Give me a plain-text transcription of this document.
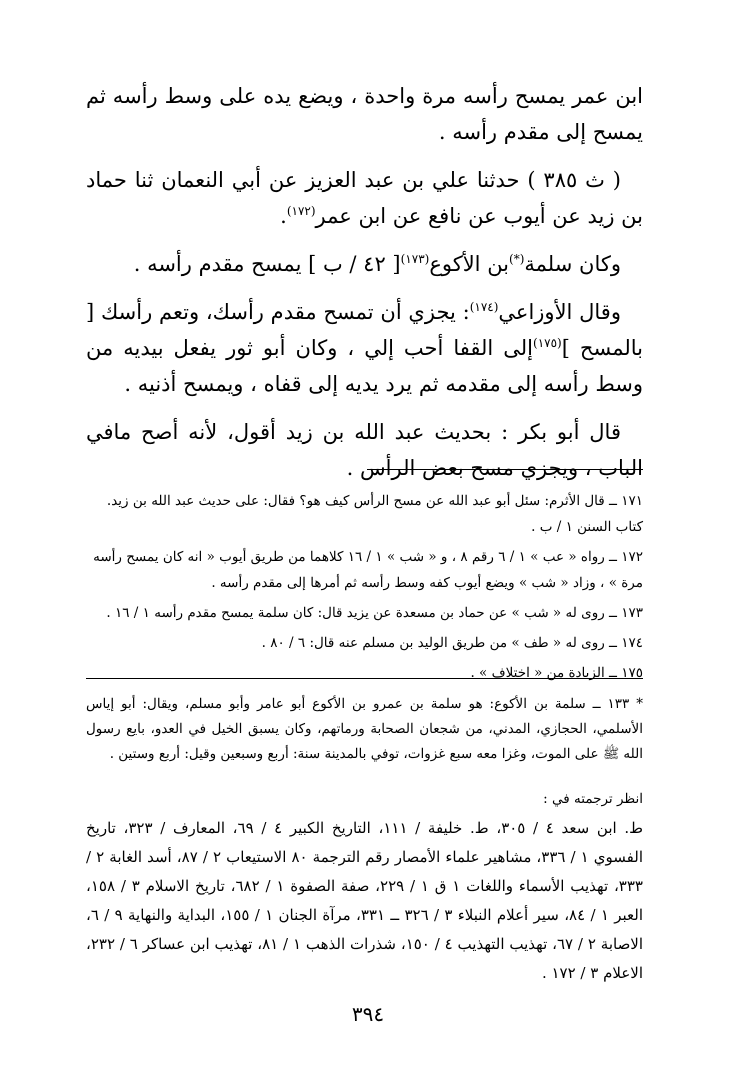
ابن عمر يمسح رأسه مرة واحدة ، ويضع يده على وسط رأسه ثم يمسح إلى مقدم رأسه .

( ث ٣٨٥ ) حدثنا علي بن عبد العزيز عن أبي النعمان ثنا حماد بن زيد عن أيوب عن نافع عن ابن عمر$^{(١٧٢)}$.

وكان سلمة(*)بن الأكوع$^{(١٧٣)}$[ ٤٢ / ب ] يمسح مقدم رأسه .

وقال الأوزاعي$^{(١٧٤)}$: يجزي أن تمسح مقدم رأسك، وتعم رأسك [ بالمسح ]$^{(١٧٥)}$إلى القفا أحب إلي ، وكان أبو ثور يفعل بيديه من وسط رأسه إلى مقدمه ثم يرد يديه إلى قفاه ، ويمسح أذنيه .

قال أبو بكر : بحديث عبد الله بن زيد أقول، لأنه أصح مافي الباب ، ويجزي مسح بعض الرأس .

١٧١ ــ قال الأثرم: سئل أبو عبد الله عن مسح الرأس كيف هو؟ فقال: على حديث عبد الله بن زيد. كتاب السنن ١ / ب .

١٧٢ ــ رواه « عب » ١ / ٦ رقم ٨ ، و « شب » ١ / ١٦ كلاهما من طريق أيوب « انه كان يمسح رأسه مرة » ، وزاد « شب » ويضع أيوب كفه وسط رأسه ثم أمرها إلى مقدم رأسه .

١٧٣ ــ روى له « شب » عن حماد بن مسعدة عن يزيد قال: كان سلمة يمسح مقدم رأسه ١ / ١٦ .

١٧٤ ــ روى له « طف » من طريق الوليد بن مسلم عنه قال: ٦ / ٨٠ .

١٧٥ ــ الزيادة من « اختلاف » .

* ١٣٣ ــ سلمة بن الأكوع: هو سلمة بن عمرو بن الأكوع أبو عامر وأبو مسلم، ويقال: أبو إياس الأسلمي، الحجازي، المدني، من شجعان الصحابة ورماتهم، وكان يسبق الخيل في العدو، بايع رسول الله ﷺ على الموت، وغزا معه سبع غزوات، توفي بالمدينة سنة: أربع وسبعين وقيل: أربع وستين .

انظر ترجمته في :

ط. ابن سعد ٤ / ٣٠٥، ط. خليفة / ١١١، التاريخ الكبير ٤ / ٦٩، المعارف / ٣٢٣، تاريخ الفسوي ١ / ٣٣٦، مشاهير علماء الأمصار رقم الترجمة ٨٠ الاستيعاب ٢ / ٨٧، أسد الغابة ٢ / ٣٣٣، تهذيب الأسماء واللغات ١ ق ١ / ٢٢٩، صفة الصفوة ١ / ٦٨٢، تاريخ الاسلام ٣ / ١٥٨، العبر ١ / ٨٤، سير أعلام النبلاء ٣ / ٣٢٦ ــ ٣٣١، مرآة الجنان ١ / ١٥٥، البداية والنهاية ٩ / ٦، الاصابة ٢ / ٦٧، تهذيب التهذيب ٤ / ١٥٠، شذرات الذهب ١ / ٨١، تهذيب ابن عساكر ٦ / ٢٣٢، الاعلام ٣ / ١٧٢ .

٣٩٤
